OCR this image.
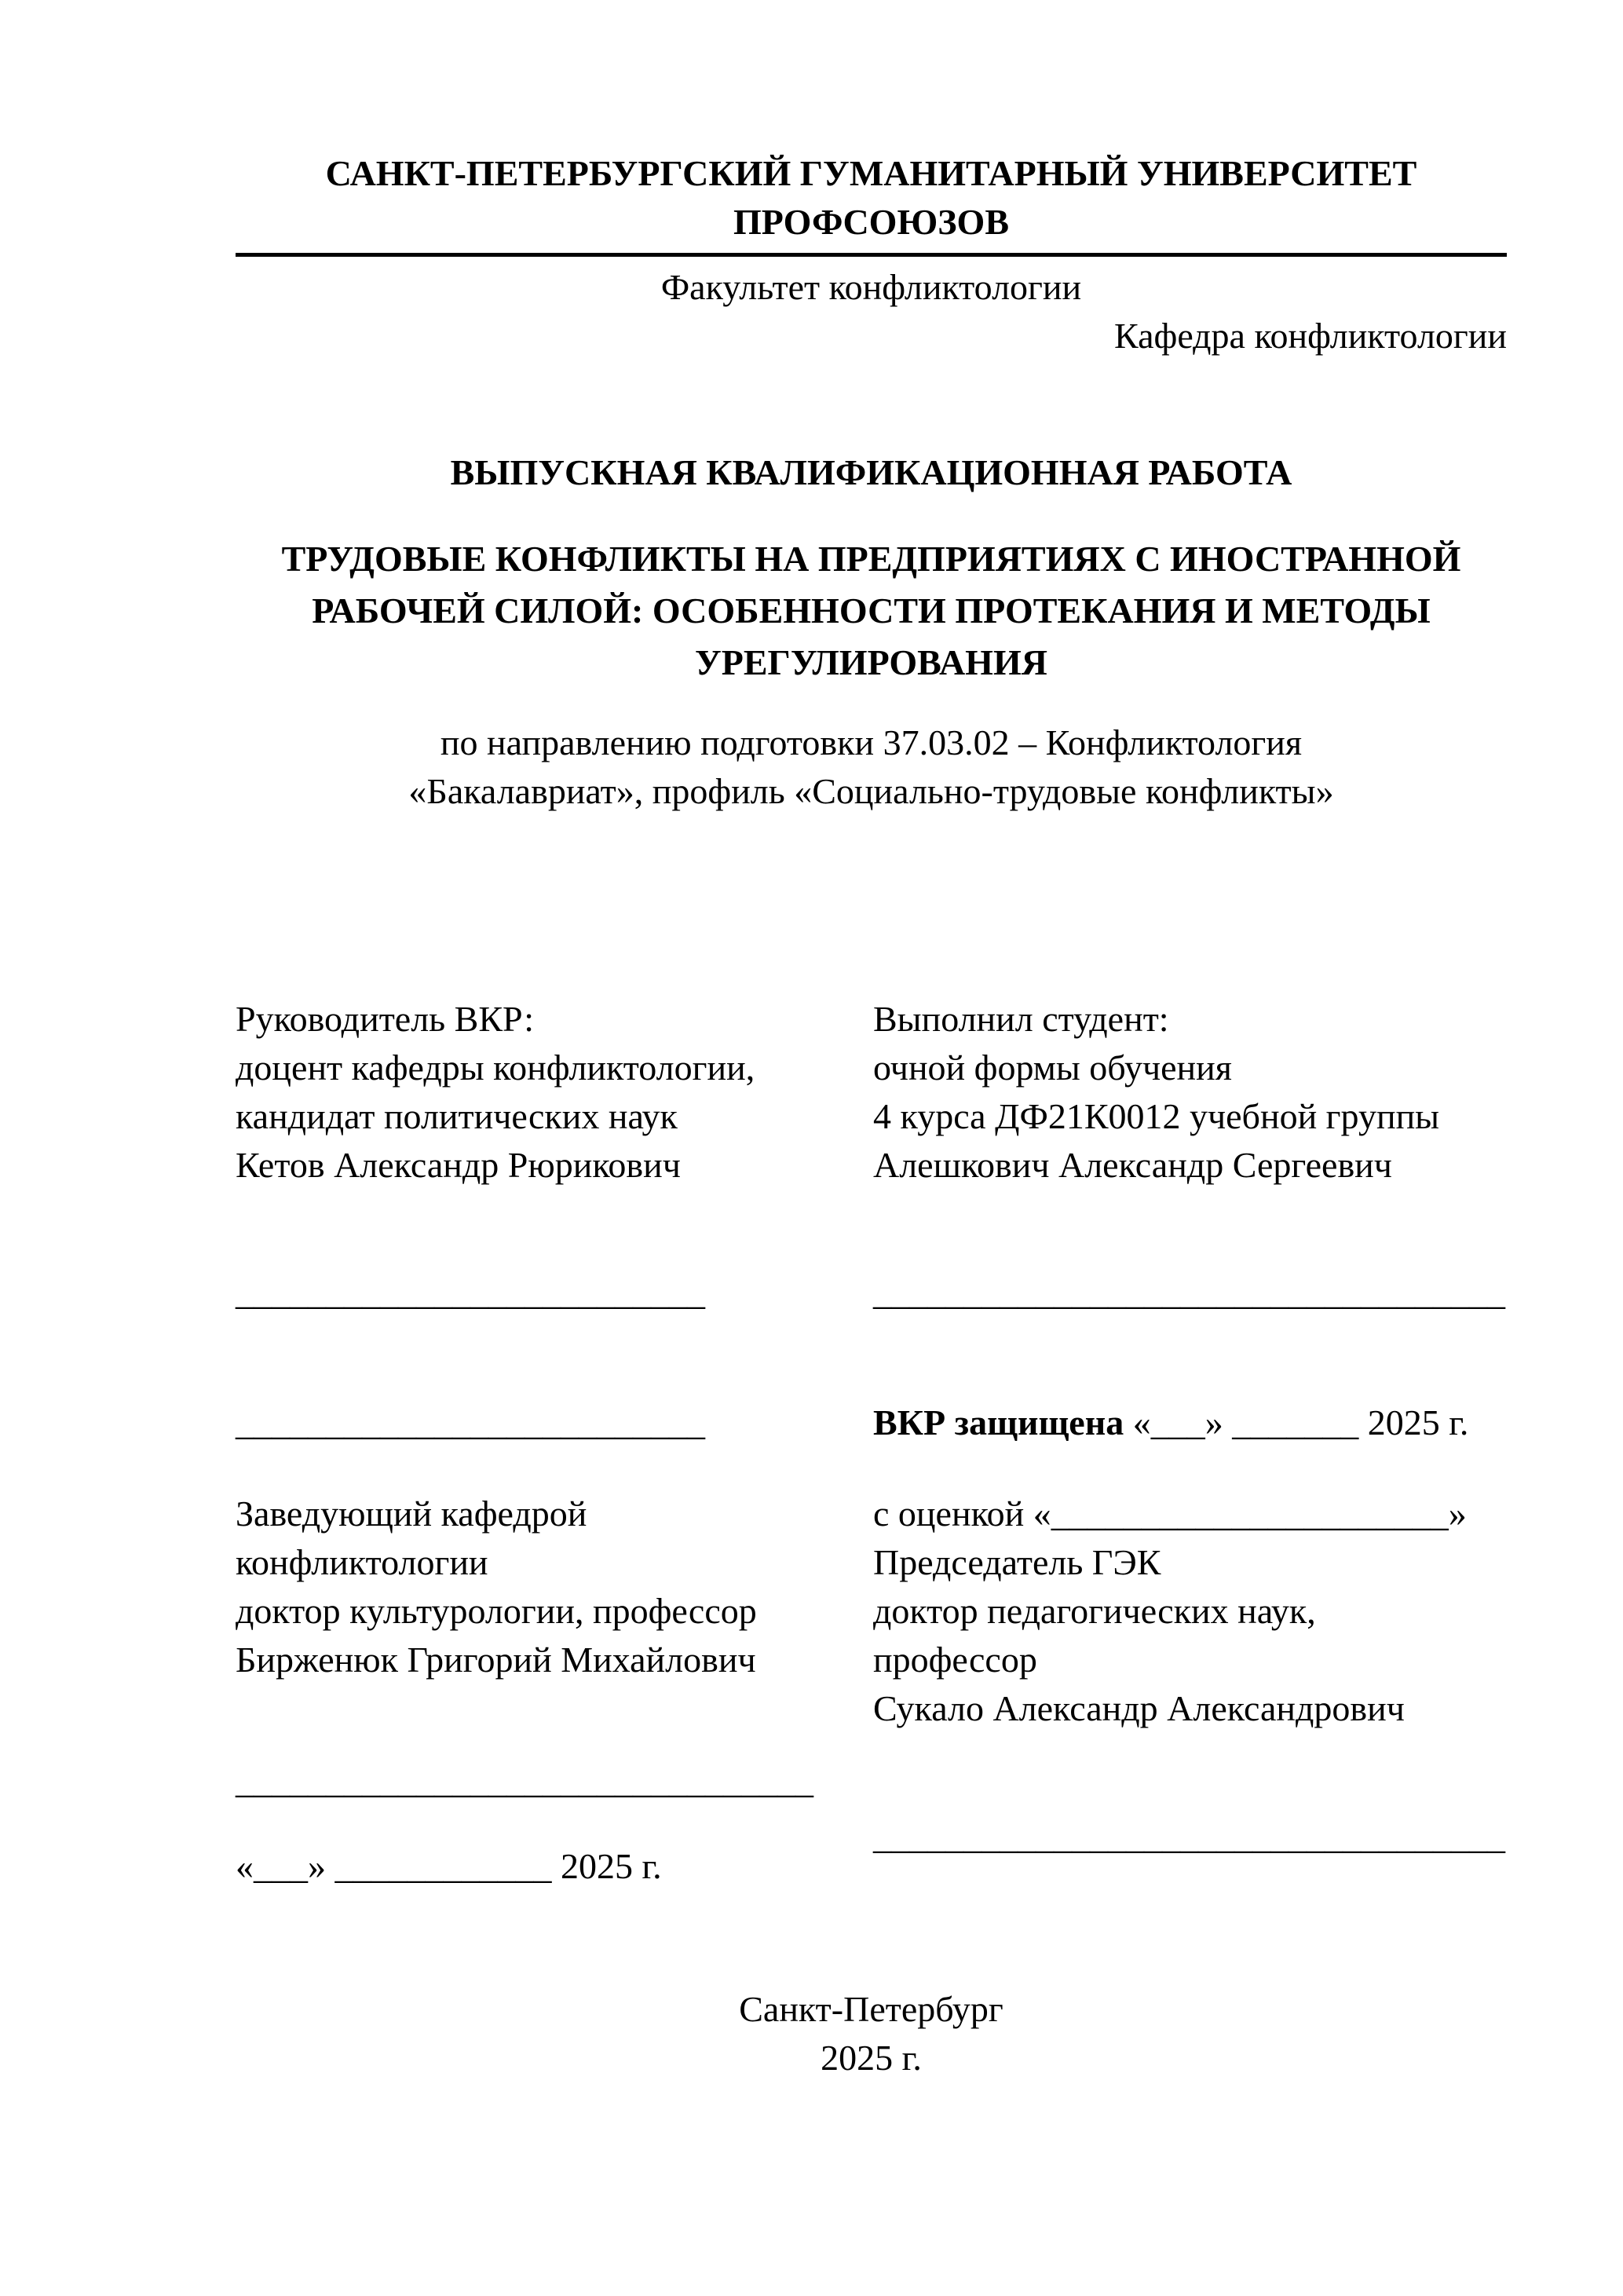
САНКТ-ПЕТЕРБУРГСКИЙ ГУМАНИТАРНЫЙ УНИВЕРСИТЕТ ПРОФСОЮЗОВ
Факультет конфликтологии
Кафедра конфликтологии
ВЫПУСКНАЯ КВАЛИФИКАЦИОННАЯ РАБОТА
ТРУДОВЫЕ КОНФЛИКТЫ НА ПРЕДПРИЯТИЯХ С ИНОСТРАННОЙ РАБОЧЕЙ СИЛОЙ: ОСОБЕННОСТИ ПРОТЕКАНИЯ И МЕТОДЫ УРЕГУЛИРОВАНИЯ
по направлению подготовки 37.03.02 – Конфликтология
«Бакалавриат», профиль «Социально-трудовые конфликты»
Руководитель ВКР:
доцент кафедры конфликтологии,
кандидат политических наук
Кетов Александр Рюрикович
__________________________
__________________________
Заведующий кафедрой
конфликтологии
доктор культурологии, профессор
Бирженюк Григорий Михайлович
________________________________
«___» ____________ 2025 г.
Выполнил студент:
очной формы обучения
4 курса ДФ21К0012 учебной группы
Алешкович Александр Сергеевич
___________________________________
ВКР защищена «___» _______ 2025 г.
с оценкой «______________________»
Председатель ГЭК
доктор педагогических наук,
профессор
Сукало Александр Александрович
___________________________________
Санкт-Петербург
2025 г.
